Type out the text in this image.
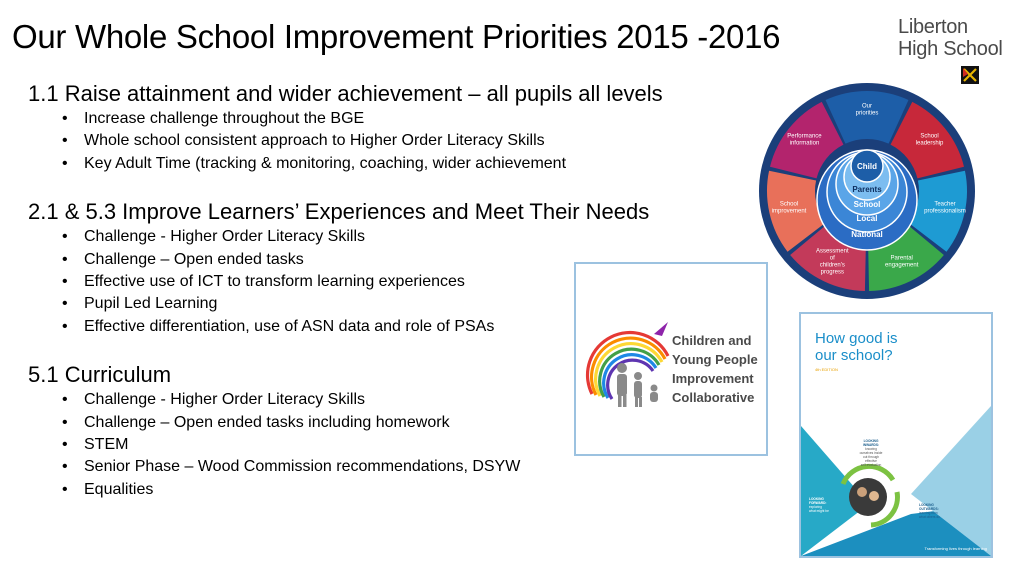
Our Whole School Improvement Priorities 2015 -2016	Liberton
High School
1.1 Raise attainment and wider achievement – all pupils all levels
• Increase challenge throughout the BGE
• Whole school consistent approach to Higher Order Literacy Skills
• Key Adult Time (tracking & monitoring, coaching, wider achievement
2.1 & 5.3 Improve Learners’ Experiences and Meet Their Needs
• Challenge - Higher Order Literacy Skills
• Challenge – Open ended tasks
• Effective use of ICT to transform learning experiences
• Pupil Led Learning
• Effective differentiation, use of ASN data and role of PSAs
5.1 Curriculum
• Challenge - Higher Order Literacy Skills
• Challenge – Open ended tasks including homework
• STEM
• Senior Phase – Wood Commission recommendations, DSYW
• Equalities
Our priorities
School leadership
Teacher professionalism
Parental engagement
Assessment of children's progress
School improvement
Performance information
Child
Parents
School
Local
National
Children and
Young People
Improvement
Collaborative
How good is
our school?
4th EDITION
LOOKING
INWARDS:
knowing
ourselves inside
out through
effective
self-evaluation
LOOKING
FORWARD:
exploring
what might be
LOOKING
OUTWARDS:
learning from
what others do
Transforming lives through learning
